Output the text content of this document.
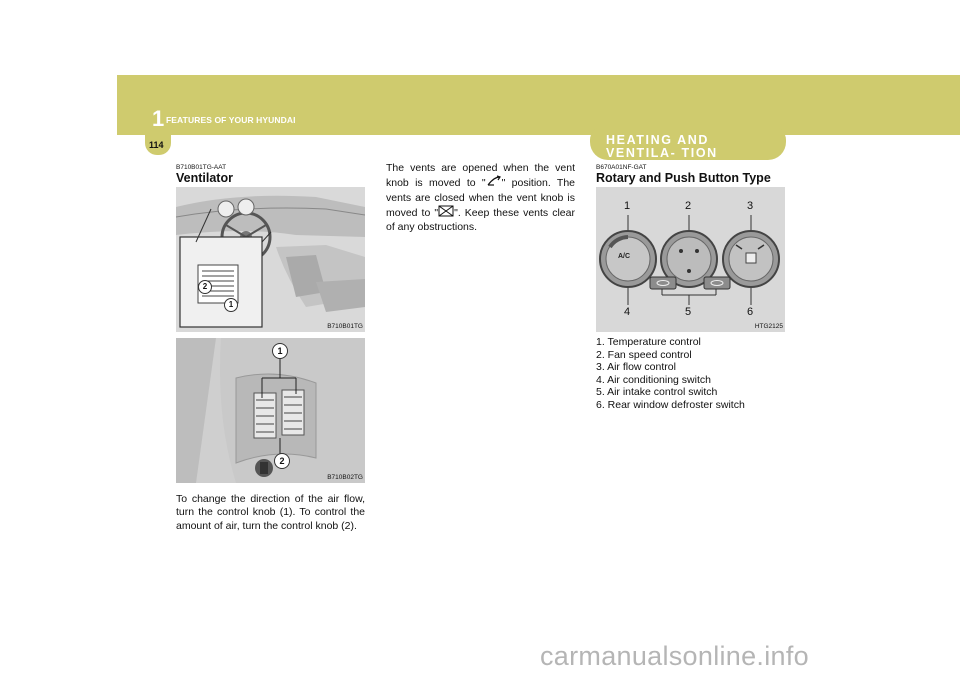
1 FEATURES OF YOUR HYUNDAI
114	HEATING AND VENTILA- TION
B710B01TG-AAT
Ventilator
2
1
B710B01TG
1
2
B710B02TG
To change the direction of the air flow, turn the control knob (1). To control the amount of air, turn the control knob (2).
The vents are opened when the vent knob is moved to " " position. The vents are closed when the vent knob is moved to " ". Keep these vents clear of any obstructions.
B670A01NF-GAT
Rotary and Push Button Type
A/C
1	2	3
4	5	6
HTG2125
1. Temperature control
2. Fan speed control
3. Air flow control
4. Air conditioning switch
5. Air intake control switch
6. Rear window defroster switch
carmanualsonline.info
